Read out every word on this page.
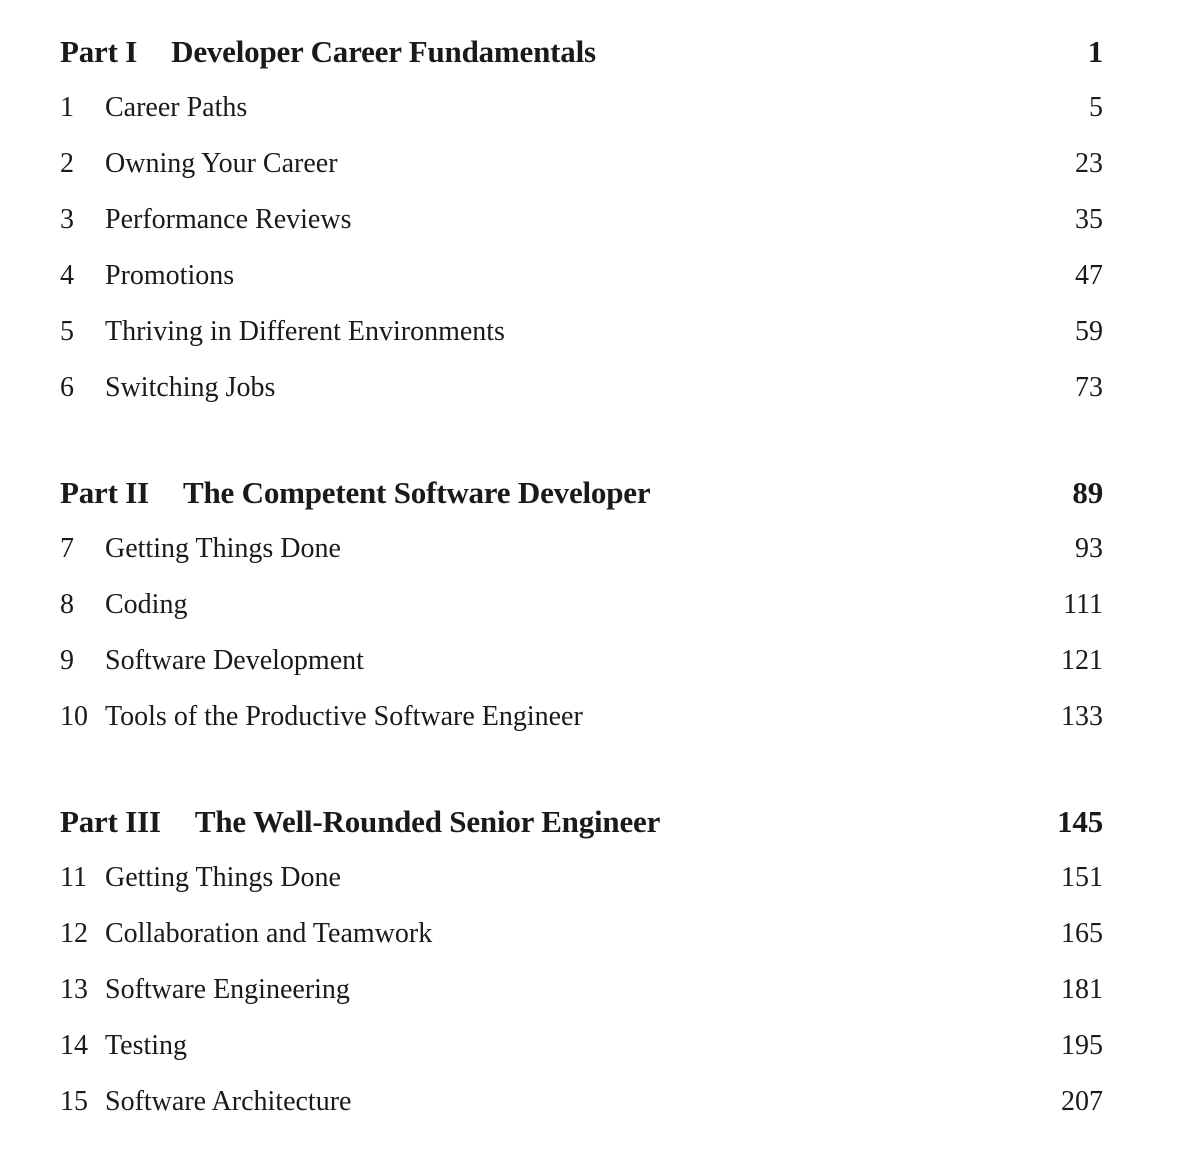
Part I Developer Career Fundamentals	1
1 Career Paths	5
2 Owning Your Career	23
3 Performance Reviews	35
4 Promotions	47
5 Thriving in Different Environments	59
6 Switching Jobs	73
Part II The Competent Software Developer	89
7 Getting Things Done	93
8 Coding	111
9 Software Development	121
10 Tools of the Productive Software Engineer	133
Part III The Well-Rounded Senior Engineer	145
11 Getting Things Done	151
12 Collaboration and Teamwork	165
13 Software Engineering	181
14 Testing	195
15 Software Architecture	207
